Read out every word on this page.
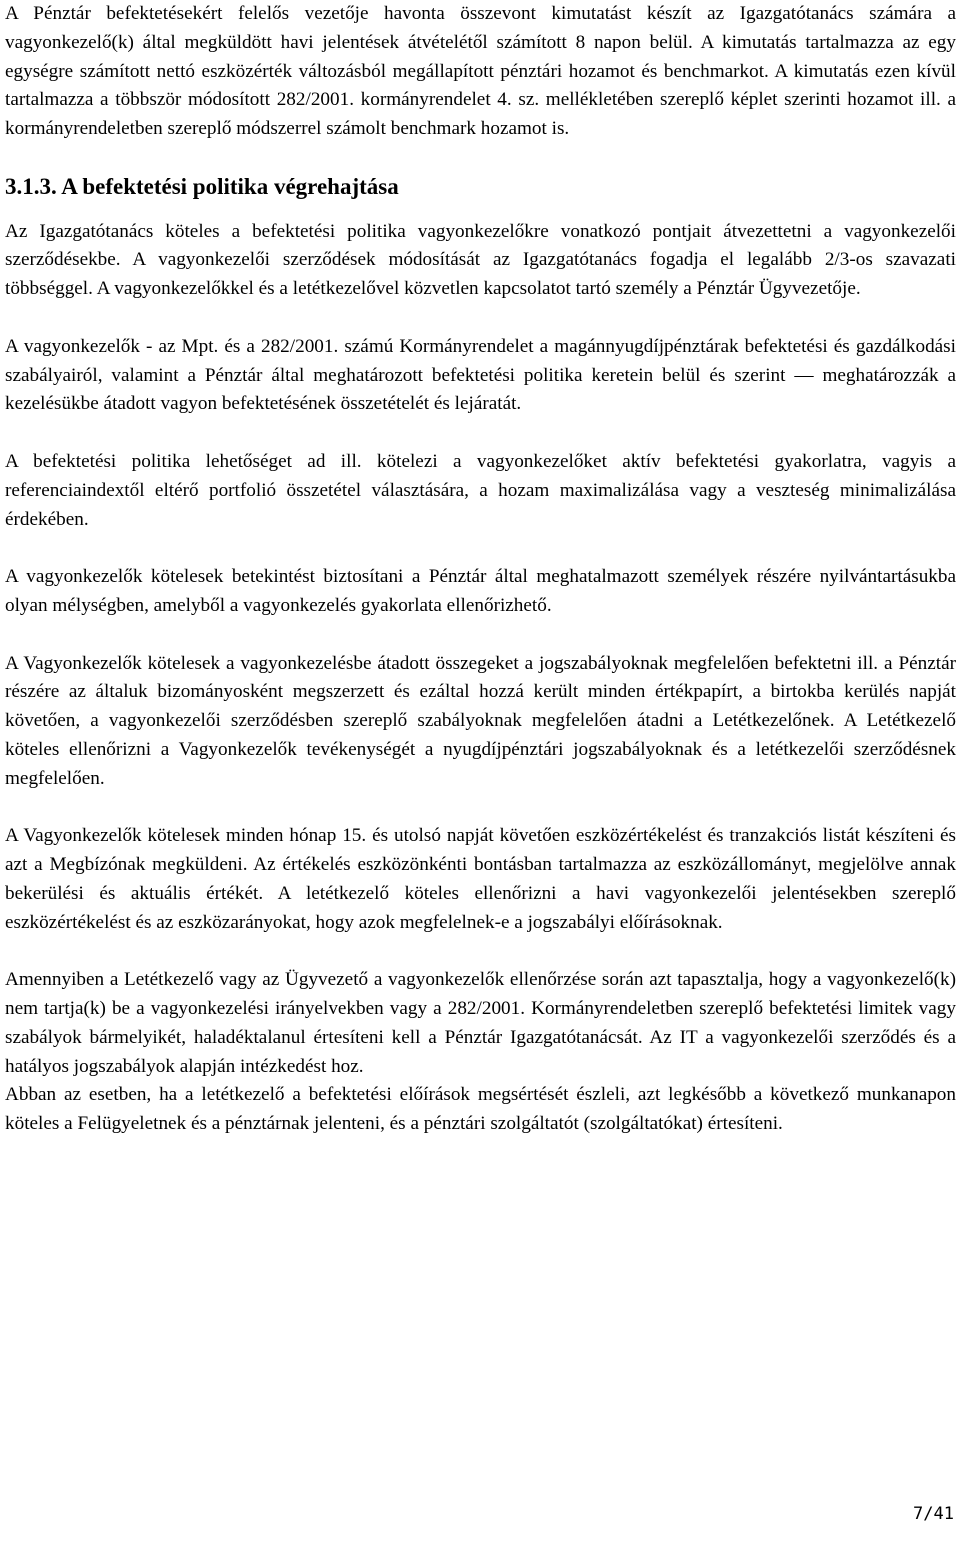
A Pénztár befektetésekért felelős vezetője havonta összevont kimutatást készít az Igazgatótanács számára a vagyonkezelő(k) által megküldött havi jelentések átvételétől számított 8 napon belül. A kimutatás tartalmazza az egy egységre számított nettó eszközérték változásból megállapított pénztári hozamot és benchmarkot. A kimutatás ezen kívül tartalmazza a többször módosított 282/2001. kormányrendelet 4. sz. mellékletében szereplő képlet szerinti hozamot ill. a kormányrendeletben szereplő módszerrel számolt benchmark hozamot is.

3.1.3. A befektetési politika végrehajtása

Az Igazgatótanács köteles a befektetési politika vagyonkezelőkre vonatkozó pontjait átvezettetni a vagyonkezelői szerződésekbe. A vagyonkezelői szerződések módosítását az Igazgatótanács fogadja el legalább 2/3-os szavazati többséggel. A vagyonkezelőkkel és a letétkezelővel közvetlen kapcsolatot tartó személy a Pénztár Ügyvezetője.

A vagyonkezelők - az Mpt. és a 282/2001. számú Kormányrendelet a magánnyugdíjpénztárak befektetési és gazdálkodási szabályairól, valamint a Pénztár által meghatározott befektetési politika keretein belül és szerint — meghatározzák a kezelésükbe átadott vagyon befektetésének összetételét és lejáratát.

A befektetési politika lehetőséget ad ill. kötelezi a vagyonkezelőket aktív befektetési gyakorlatra, vagyis a referenciaindextől eltérő portfolió összetétel választására, a hozam maximalizálása vagy a veszteség minimalizálása érdekében.

A vagyonkezelők kötelesek betekintést biztosítani a Pénztár által meghatalmazott személyek részére nyilvántartásukba olyan mélységben, amelyből a vagyonkezelés gyakorlata ellenőrizhető.

A Vagyonkezelők kötelesek a vagyonkezelésbe átadott összegeket a jogszabályoknak megfelelően befektetni ill. a Pénztár részére az általuk bizományosként megszerzett és ezáltal hozzá került minden értékpapírt, a birtokba kerülés napját követően, a vagyonkezelői szerződésben szereplő szabályoknak megfelelően átadni a Letétkezelőnek. A Letétkezelő köteles ellenőrizni a Vagyonkezelők tevékenységét a nyugdíjpénztári jogszabályoknak és a letétkezelői szerződésnek megfelelően.

A Vagyonkezelők kötelesek minden hónap 15. és utolsó napját követően eszközértékelést és tranzakciós listát készíteni és azt a Megbízónak megküldeni. Az értékelés eszközönkénti bontásban tartalmazza az eszközállományt, megjelölve annak bekerülési és aktuális értékét. A letétkezelő köteles ellenőrizni a havi vagyonkezelői jelentésekben szereplő eszközértékelést és az eszközarányokat, hogy azok megfelelnek-e a jogszabályi előírásoknak.

Amennyiben a Letétkezelő vagy az Ügyvezető a vagyonkezelők ellenőrzése során azt tapasztalja, hogy a vagyonkezelő(k) nem tartja(k) be a vagyonkezelési irányelvekben vagy a 282/2001. Kormányrendeletben szereplő befektetési limitek vagy szabályok bármelyikét, haladéktalanul értesíteni kell a Pénztár Igazgatótanácsát. Az IT a vagyonkezelői szerződés és a hatályos jogszabályok alapján intézkedést hoz.

Abban az esetben, ha a letétkezelő a befektetési előírások megsértését észleli, azt legkésőbb a következő munkanapon köteles a Felügyeletnek és a pénztárnak jelenteni, és a pénztári szolgáltatót (szolgáltatókat) értesíteni.

7/41
